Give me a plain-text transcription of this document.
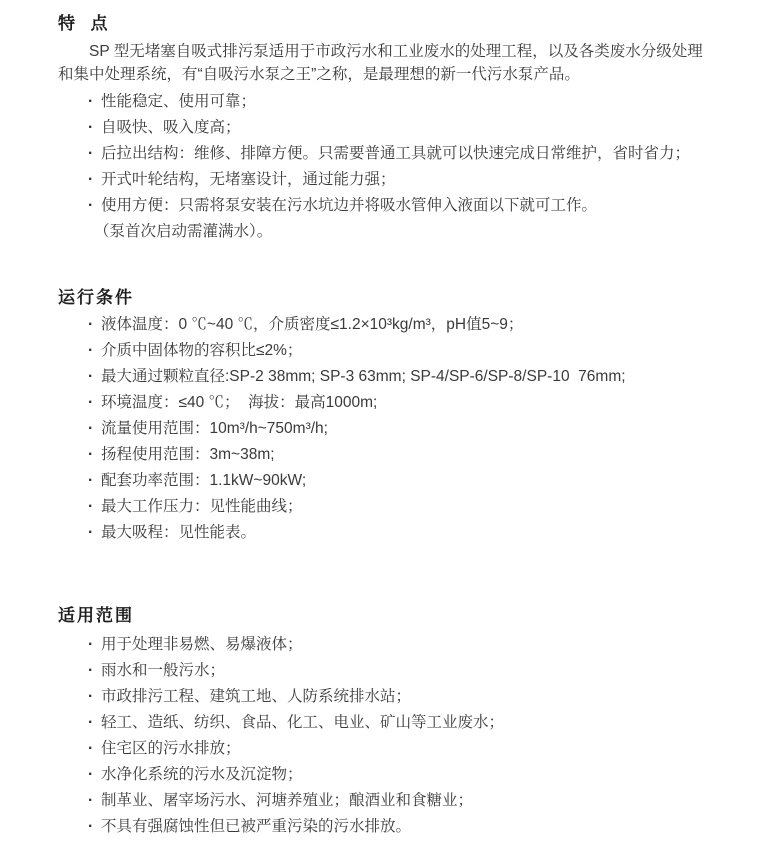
特  点

SP 型无堵塞自吸式排污泵适用于市政污水和工业废水的处理工程，以及各类废水分级处理和集中处理系统，有“自吸污水泵之王”之称，是最理想的新一代污水泵产品。

· 性能稳定、使用可靠；
· 自吸快、吸入度高；
· 后拉出结构：维修、排障方便。只需要普通工具就可以快速完成日常维护，省时省力；
· 开式叶轮结构，无堵塞设计，通过能力强；
· 使用方便：只需将泵安装在污水坑边并将吸水管伸入液面以下就可工作。

（泵首次启动需灌满水）。

运行条件
· 液体温度：0 ℃~40 ℃，介质密度≤1.2×10³kg/m³，pH值5~9；
· 介质中固体物的容积比≤2%；
· 最大通过颗粒直径:SP-2 38mm; SP-3 63mm; SP-4/SP-6/SP-8/SP-10  76mm;
· 环境温度：≤40 ℃；  海拔：最高1000m;
· 流量使用范围：10m³/h~750m³/h;
· 扬程使用范围：3m~38m;
· 配套功率范围：1.1kW~90kW;
· 最大工作压力：见性能曲线；
· 最大吸程：见性能表。
适用范围
· 用于处理非易燃、易爆液体；
· 雨水和一般污水；
· 市政排污工程、建筑工地、人防系统排水站；
· 轻工、造纸、纺织、食品、化工、电业、矿山等工业废水；
· 住宅区的污水排放；
· 水净化系统的污水及沉淀物；
· 制革业、屠宰场污水、河塘养殖业；酿酒业和食糖业；
· 不具有强腐蚀性但已被严重污染的污水排放。
